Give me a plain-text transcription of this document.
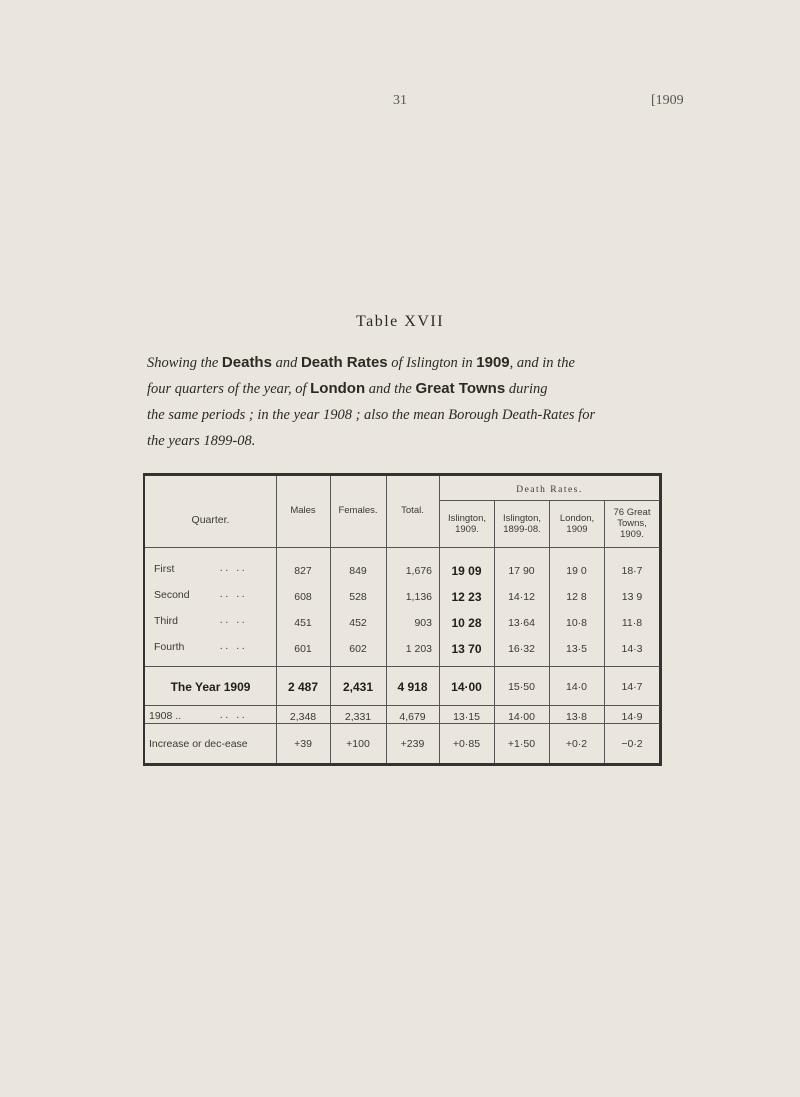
31	[1909
Table XVII
Showing the Deaths and Death Rates of Islington in 1909, and in the
four quarters of the year, of London and the Great Towns during
the same periods ; in the year 1908 ; also the mean Borough Death-Rates for
the years 1899-08.
Quarter.
Males	Females.	Total.
Death Rates.
Islington, 1909.
Islington, 1899-08.
London, 1909
76 Great Towns, 1909.
First	.. ..	827	849	1,676	19 09	17 90	19 0	18·7
Second	.. ..	608	528	1,136	12 23	14·12	12 8	13 9
Third	.. ..	451	452	903	10 28	13·64	10·8	11·8
Fourth	.. ..	601	602	1 203	13 70	16·32	13·5	14·3
The Year 1909	2 487	2,431	4 918	14·00	15·50	14·0	14·7
1908 ..	.. ..	2,348	2,331	4,679	13·15	14·00	13·8	14·9
Increase or dec-ease	+39	+100	+239	+0·85	+1·50	+0·2	−0·2
